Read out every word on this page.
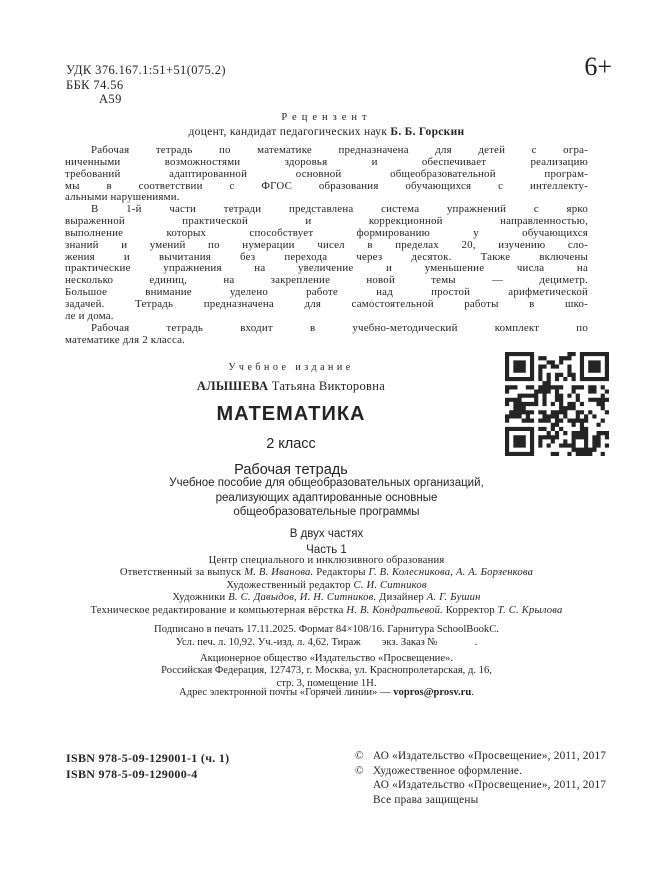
УДК 376.167.1:51+51(075.2)
ББК 74.56
А59
6+
Рецензент
доцент, кандидат педагогических наук Б. Б. Горскин
Рабочая тетрадь по математике предназначена для детей с огра-
ниченными возможностями здоровья и обеспечивает реализацию
требований адаптированной основной общеобразовательной програм-
мы в соответствии с ФГОС образования обучающихся с интеллекту-
альными нарушениями.
В 1-й части тетради представлена система упражнений с ярко
выраженной практической и коррекционной направленностью,
выполнение которых способствует формированию у обучающихся
знаний и умений по нумерации чисел в пределах 20, изучению сло-
жения и вычитания без перехода через десяток. Также включены
практические упражнения на увеличение и уменьшение числа на
несколько единиц, на закрепление новой темы — дециметр.
Большое внимание уделено работе над простой арифметической
задачей. Тетрадь предназначена для самостоятельной работы в шко-
ле и дома.
Рабочая тетрадь входит в учебно-методический комплект по
математике для 2 класса.
Учебное издание
АЛЫШЕВА Татьяна Викторовна
МАТЕМАТИКА
2 класс
Рабочая тетрадь
Учебное пособие для общеобразовательных организаций,
реализующих адаптированные основные
общеобразовательные программы
В двух частях
Часть 1
Центр специального и инклюзивного образования
Ответственный за выпуск М. В. Иванова. Редакторы Г. В. Колесникова, А. А. Борзенкова
Художественный редактор С. И. Ситников
Художники В. С. Давыдов, И. Н. Ситников. Дизайнер А. Г. Бушин
Техническое редактирование и компьютерная вёрстка Н. В. Кондратьевой. Корректор Т. С. Крылова
Подписано в печать 17.11.2025. Формат 84×108/16. Гарнитура SchoolBookC.
Усл. печ. л. 10,92. Уч.-изд. л. 4,62. Тираж        экз. Заказ №              .
Акционерное общество «Издательство «Просвещение».
Российская Федерация, 127473, г. Москва, ул. Краснопролетарская, д. 16,
стр. 3, помещение 1Н.
Адрес электронной почты «Горячей линии» — vopros@prosv.ru.
ISBN 978-5-09-129001-1 (ч. 1)
ISBN 978-5-09-129000-4
© АО «Издательство «Просвещение», 2011, 2017
© Художественное оформление.
АО «Издательство «Просвещение», 2011, 2017
Все права защищены
